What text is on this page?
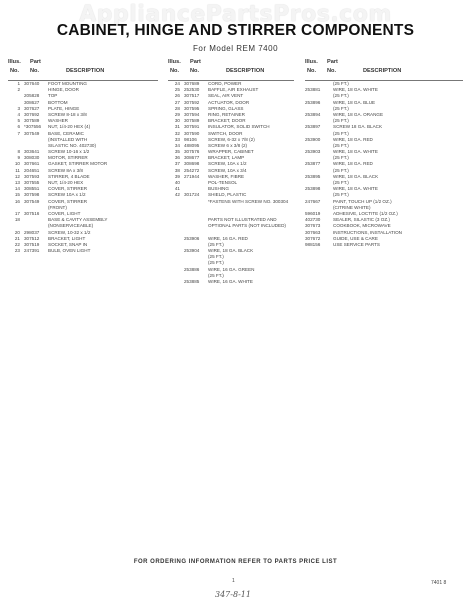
AppliancePartsPros.com
CABINET, HINGE AND STIRRER COMPONENTS
For Model REM 7400
Illus. Part
No. No.	DESCRIPTION
1 307640 FOOT MOUNTING
2	HINGE, DOOR
205828 TOP
308627 BOTTOM
3 307627 PLATE, HINGE
4 307692 SCREW 8-18 x 3/8
5 307589 WASHER
6 *307556 NUT, 1/4-20 HEX (4)
7 307549 BASE, CERAMIC
(INSTALLED WITH
SILASTIC NO. 402730)
8 303641 SCREW 10-16 x 1/2
9 308030 MOTOR, STIRRER
10 307661 GASKET, STIRRER MOTOR
11 204651 SCREW 8A x 3/8
12 307593 STIRRER, 4 BLADE
13 307555 NUT, 1/4-20 HEX
14 308551 COVER, STIRRER
15 307598 SCREW 10A x 1/2
16 307549 COVER, STIRRER
(FRONT)
17 307516 COVER, LIGHT
18	BASE & CAVITY ASSEMBLY
(NONSERVICEABLE)
20 298037 SCREW, 10-32 x 1/2
21 307512 BRACKET, LIGHT
22 307519 SOCKET, SNAP IN
23 247391 BULB, OVEN LIGHT
Illus. Part
No. No.	DESCRIPTION
24 307689 CORD, POWER
25 252530 BAFFLE, AIR EXHAUST
26 307517 SEAL, AIR VENT
27 307592 ACTUATOR, DOOR
28 307595 SPRING, GLASS
29 307594 RING, RETAINER
30 307589 BRACKET, DOOR
31 307591 INSULATOR, SOLID SWITCH
32 307590 SWITCH, DOOR
33 98106 SCREW, 6-32 x 7/8 (2)
34 488095 SCREW 6 x 3/8 (2)
35 307576 WRAPPER, CABINET
36 308677 BRACKET, LAMP
37 308698 SCREW, 10A x 1/2
38 254272 SCREW, 10A x 3/4
39 271944 WASHER, FIBRE
40	POL-TENSOL
41	BUSHING
42 301724 SHIELD, PLASTIC
*FASTENS WITH SCREW NO. 300304
PARTS NOT ILLUSTRATED AND
OPTIONAL PARTS (NOT INCLUDED)
253906 WIRE, 16 GA. RED
(25 FT.)
253904 WIRE, 18 GA. BLACK
(25 FT.)
(25 FT.)
253886 WIRE, 16 GA. GREEN
(25 FT.)
253885 WIRE, 16 GA. WHITE
Illus. Part
No. No.	DESCRIPTION
(25 FT.)
253881	WIRE, 18 GA. WHITE
(25 FT.)
253896	WIRE, 18 GA. BLUE
(25 FT.)
253894	WIRE, 18 GA. ORANGE
(25 FT.)
253897	SCREW 18 GA. BLACK
(25 FT.)
253900	WIRE, 18 GA. RED
(25 FT.)
253903	WIRE, 18 GA. WHITE
(25 FT.)
253877	WIRE, 18 GA. RED
(25 FT.)
253895	WIRE, 18 GA. BLACK
(25 FT.)
253898	WIRE, 18 GA. WHITE
(25 FT.)
247667	PAINT, TOUCH UP (1/2 OZ.)
(CITRINE WHITE)
596019	ADHESIVE, LOCTITE (1/2 OZ.)
402730	SEALER, SILASTIC (3 OZ.)
307673	COOKBOOK, MICROWAVE
307663	INSTRUCTIONS, INSTALLATION
307672	GUIDE, USE & CARE
988156	USE SERVICE PARTS
FOR ORDERING INFORMATION REFER TO PARTS PRICE LIST
1	7401 8
347-8-11
